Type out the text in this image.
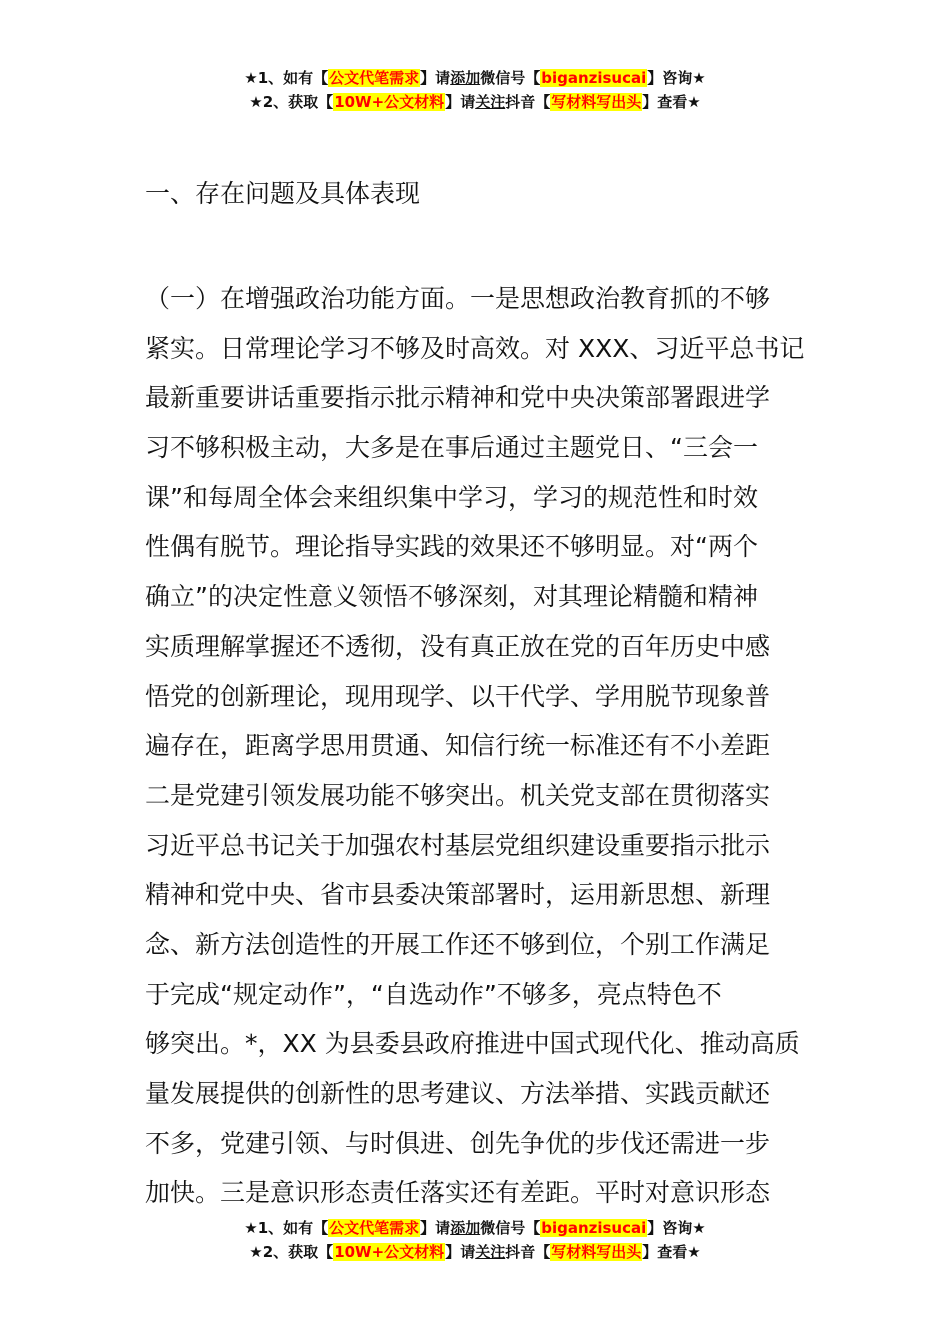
★1、如有【公文代笔需求】请添加微信号【biganzisucai】咨询★
★2、获取【10W+公文材料】请关注抖音【写材料写出头】查看★
一、存在问题及具体表现
（一）在增强政治功能方面。一是思想政治教育抓的不够
紧实。日常理论学习不够及时高效。对 XXX、习近平总书记
最新重要讲话重要指示批示精神和党中央决策部署跟进学
习不够积极主动，大多是在事后通过主题党日、“三会一
课”和每周全体会来组织集中学习，学习的规范性和时效
性偶有脱节。理论指导实践的效果还不够明显。对“两个
确立”的决定性意义领悟不够深刻，对其理论精髓和精神
实质理解掌握还不透彻，没有真正放在党的百年历史中感
悟党的创新理论，现用现学、以干代学、学用脱节现象普
遍存在，距离学思用贯通、知信行统一标准还有不小差距
二是党建引领发展功能不够突出。机关党支部在贯彻落实
习近平总书记关于加强农村基层党组织建设重要指示批示
精神和党中央、省市县委决策部署时，运用新思想、新理
念、新方法创造性的开展工作还不够到位，个别工作满足
于完成“规定动作”，“自选动作”不够多，亮点特色不
够突出。*，XX 为县委县政府推进中国式现代化、推动高质
量发展提供的创新性的思考建议、方法举措、实践贡献还
不多，党建引领、与时俱进、创先争优的步伐还需进一步
加快。三是意识形态责任落实还有差距。平时对意识形态
★1、如有【公文代笔需求】请添加微信号【biganzisucai】咨询★
★2、获取【10W+公文材料】请关注抖音【写材料写出头】查看★
